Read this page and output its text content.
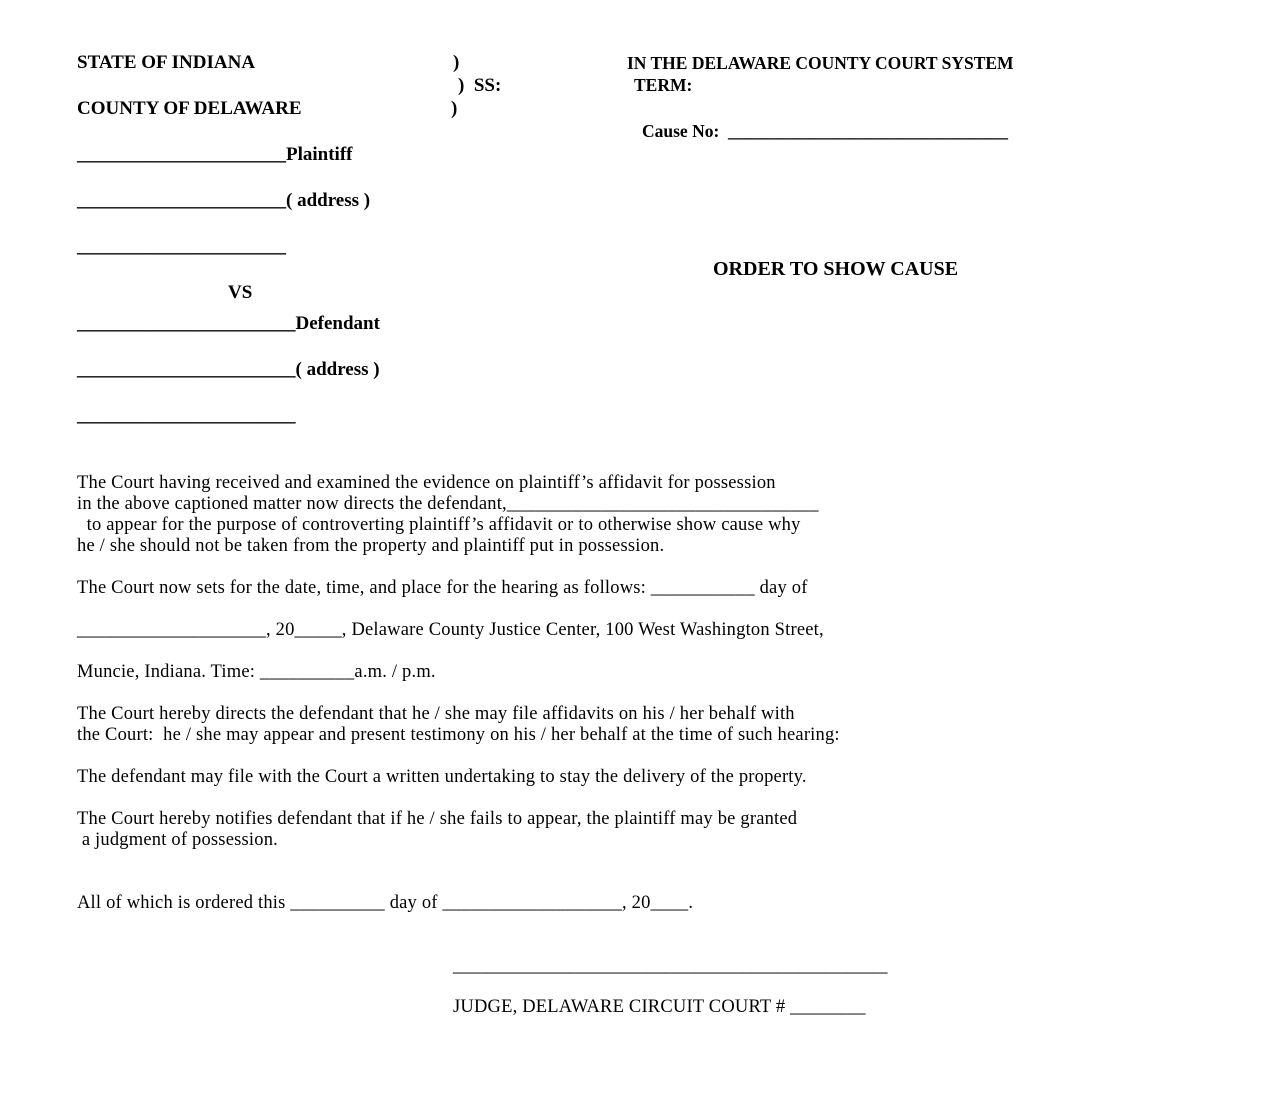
STATE OF INDIANA	)
)  SS:
COUNTY OF DELAWARE	)
IN THE DELAWARE COUNTY COURT SYSTEM
TERM:
Cause No:  ________________________________
______________________Plaintiff
______________________( address )
______________________
VS
_______________________Defendant
_______________________( address )
_______________________
ORDER TO SHOW CAUSE
The Court having received and examined the evidence on plaintiff’s affidavit for possession
in the above captioned matter now directs the defendant,_________________________________
to appear for the purpose of controverting plaintiff’s affidavit or to otherwise show cause why
he / she should not be taken from the property and plaintiff put in possession.
The Court now sets for the date, time, and place for the hearing as follows: ___________ day of
____________________, 20_____, Delaware County Justice Center, 100 West Washington Street,
Muncie, Indiana. Time: __________a.m. / p.m.
The Court hereby directs the defendant that he / she may file affidavits on his / her behalf with
the Court:  he / she may appear and present testimony on his / her behalf at the time of such hearing:
The defendant may file with the Court a written undertaking to stay the delivery of the property.
The Court hereby notifies defendant that if he / she fails to appear, the plaintiff may be granted
a judgment of possession.
All of which is ordered this __________ day of ___________________, 20____.
______________________________________________
JUDGE, DELAWARE CIRCUIT COURT # ________
